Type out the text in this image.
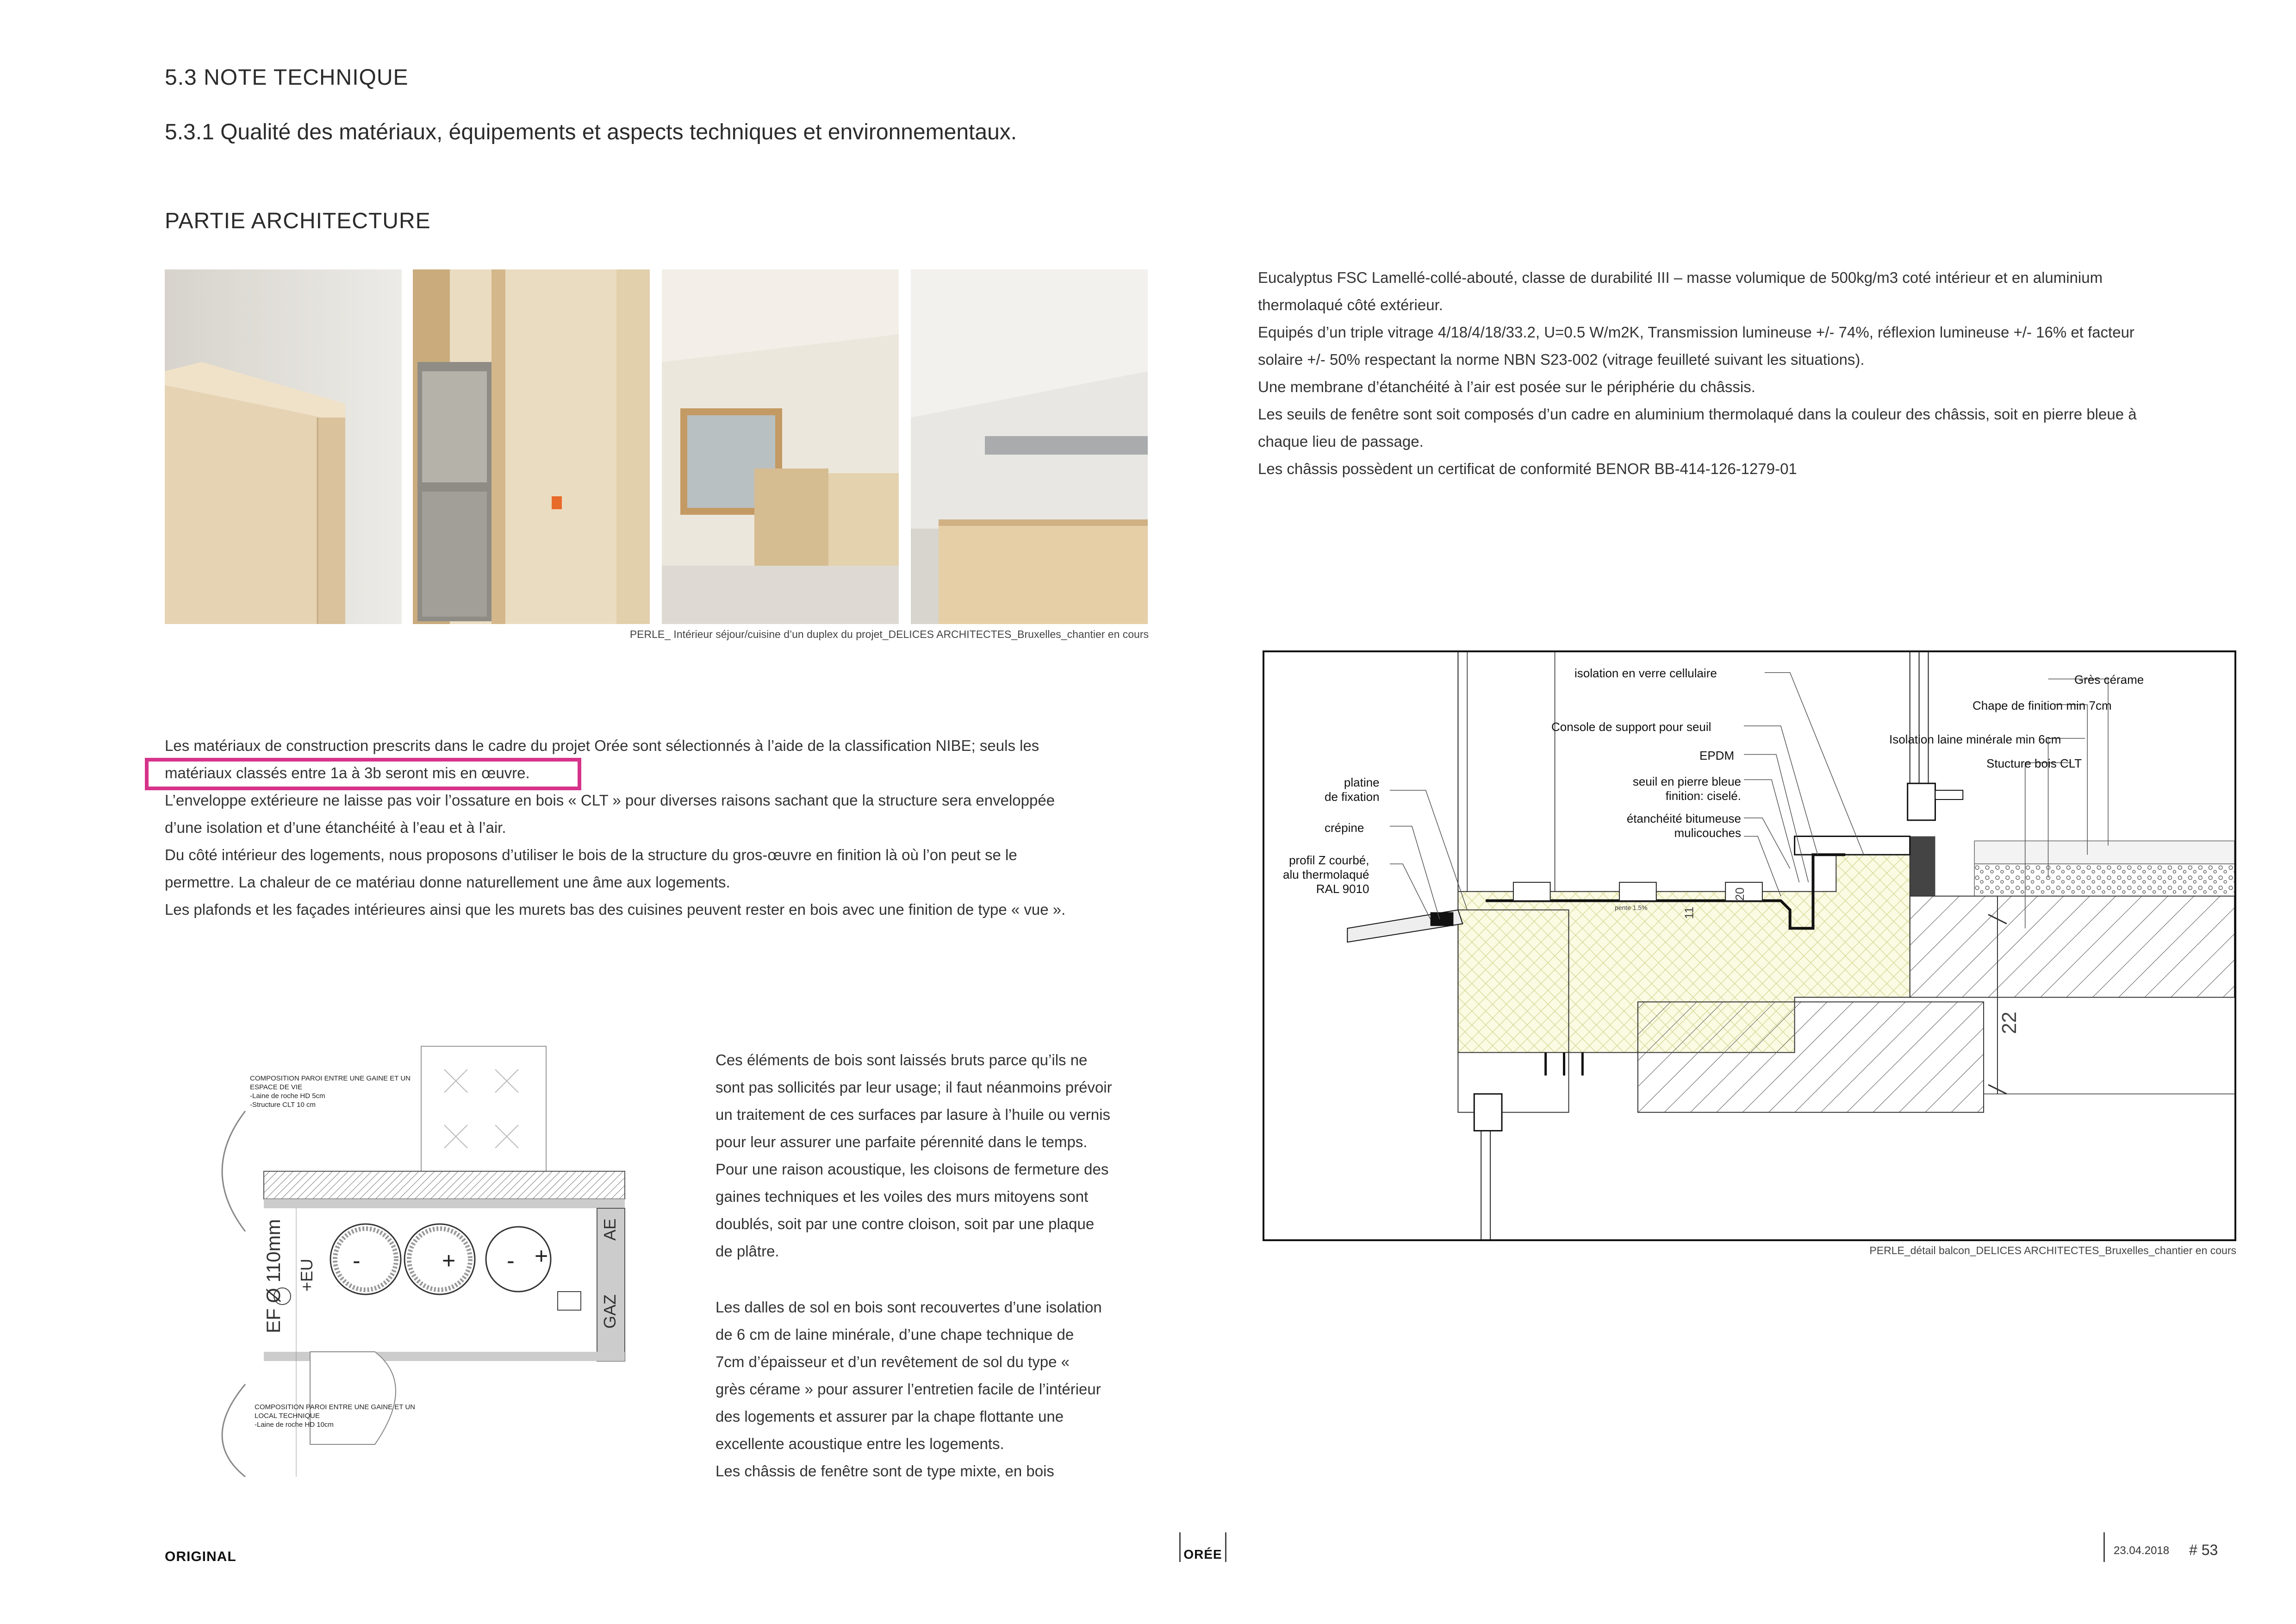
5.3 NOTE TECHNIQUE
5.3.1 Qualité des matériaux, équipements et aspects techniques et environnementaux.
PARTIE ARCHITECTURE
PERLE_ Intérieur séjour/cuisine d’un duplex du projet_DELICES ARCHITECTES_Bruxelles_chantier en cours

Eucalyptus FSC Lamellé-collé-abouté, classe de durabilité III – masse volumique de 500kg/m3 coté intérieur et en aluminium

thermolaqué côté extérieur.

Equipés d’un triple vitrage 4/18/4/18/33.2, U=0.5 W/m2K, Transmission lumineuse +/- 74%, réflexion lumineuse +/- 16% et facteur

solaire +/- 50% respectant la norme NBN S23-002 (vitrage feuilleté suivant les situations).

Une membrane d’étanchéité à l’air est posée sur le périphérie du châssis.

Les seuils de fenêtre sont soit composés d’un cadre en aluminium thermolaqué dans la couleur des châssis, soit en pierre bleue à

chaque lieu de passage.

Les châssis possèdent un certificat de conformité BENOR BB-414-126-1279-01

22
11
20
pente 1.5%
isolation en verre cellulaire
Console de support pour seuil
EPDM
seuil en pierre bleue
finition: ciselé.
étanchéité bitumeuse
mulicouches
platine
de fixation
crépine
profil Z courbé,
alu thermolaqué
RAL 9010
Grès cérame
Chape de finition min 7cm
Isolation laine minérale min 6cm
Stucture bois CLT
PERLE_détail balcon_DELICES ARCHITECTES_Bruxelles_chantier en cours

Les matériaux de construction prescrits dans le cadre du projet Orée sont sélectionnés à l’aide de la classification NIBE; seuls les

matériaux classés entre 1a à 3b seront mis en œuvre.

L’enveloppe extérieure ne laisse pas voir l’ossature en bois « CLT » pour diverses raisons sachant que la structure sera enveloppée

d’une isolation et d’une étanchéité à l’eau et à l’air.

Du côté intérieur des logements, nous proposons d’utiliser le bois de la structure du gros-œuvre en finition là où l’on peut se le

permettre. La chaleur de ce matériau donne naturellement une âme aux logements.

Les plafonds et les façades intérieures ainsi que les murets bas des cuisines peuvent rester en bois avec une finition de type « vue ».

EF Ø 110mm +EU
AE
GAZ
-	+ - +
COMPOSITION PAROI ENTRE UNE GAINE ET UN
ESPACE DE VIE
-Laine de roche HD 5cm
-Structure CLT 10 cm
COMPOSITION PAROI ENTRE UNE GAINE ET UN
LOCAL TECHNIQUE
-Laine de roche HD 10cm

Ces éléments de bois sont laissés bruts parce qu’ils ne

sont pas sollicités par leur usage; il faut néanmoins prévoir

un traitement de ces surfaces par lasure à l’huile ou vernis

pour leur assurer une parfaite pérennité dans le temps.

Pour une raison acoustique, les cloisons de fermeture des

gaines techniques et les voiles des murs mitoyens sont

doublés, soit par une contre cloison, soit par une plaque

de plâtre.

Les dalles de sol en bois sont recouvertes d’une isolation

de 6 cm de laine minérale, d’une chape technique de

7cm d’épaisseur et d’un revêtement de sol du type «

grès cérame » pour assurer l’entretien facile de l’intérieur

des logements et assurer par la chape flottante une

excellente acoustique entre les logements.

Les châssis de fenêtre sont de type mixte, en bois

ORIGINAL	ORÉE	23.04.2018 # 53
